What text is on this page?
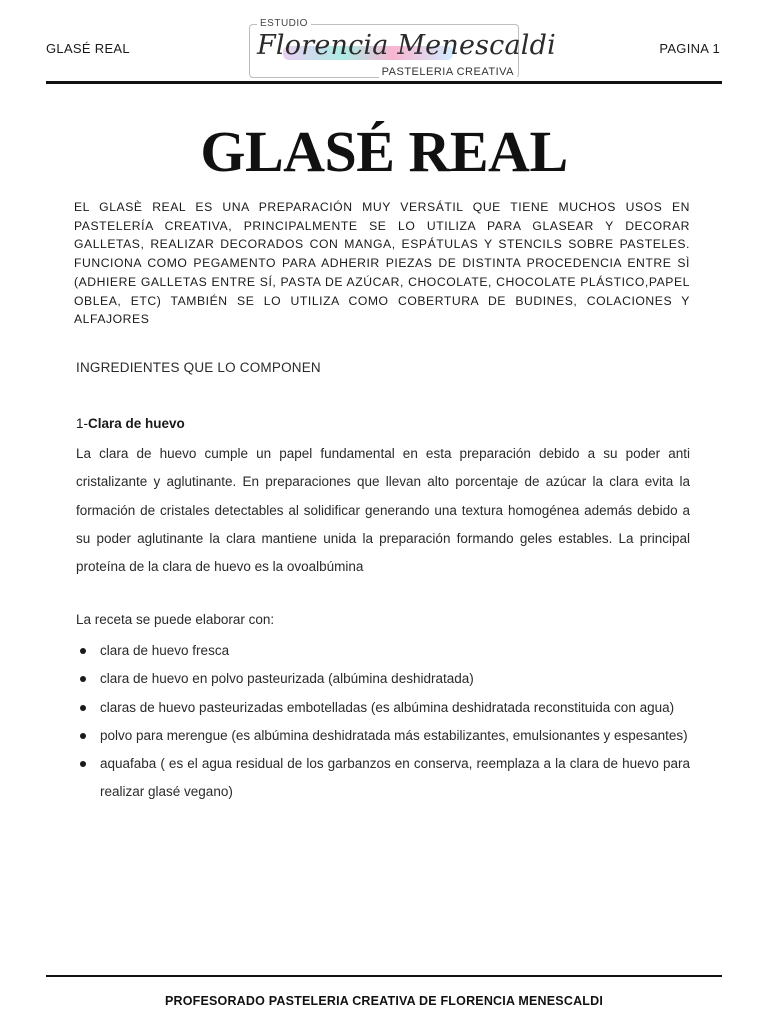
GLASÉ REAL
ESTUDIO
Florencia Menescaldi
PASTELERIA CREATIVA
PAGINA 1
GLASÉ REAL

EL GLASÈ REAL ES UNA PREPARACIÓN MUY VERSÁTIL QUE TIENE MUCHOS USOS EN PASTELERÍA CREATIVA, PRINCIPALMENTE SE LO UTILIZA PARA GLASEAR Y DECORAR GALLETAS, REALIZAR DECORADOS CON MANGA, ESPÁTULAS Y STENCILS SOBRE PASTELES. FUNCIONA COMO PEGAMENTO PARA ADHERIR PIEZAS DE DISTINTA PROCEDENCIA ENTRE SÌ (ADHIERE GALLETAS ENTRE SÍ, PASTA DE AZÚCAR, CHOCOLATE, CHOCOLATE PLÁSTICO,PAPEL OBLEA, ETC) TAMBIÉN SE LO UTILIZA COMO COBERTURA DE BUDINES, COLACIONES Y ALFAJORES

INGREDIENTES QUE LO COMPONEN
1-Clara de huevo

La clara de huevo cumple un papel fundamental en esta preparación debido a su poder anti cristalizante y aglutinante. En preparaciones que llevan alto porcentaje de azúcar la clara evita la formación de cristales detectables al solidificar generando una textura homogénea además debido a su poder aglutinante la clara mantiene unida la preparación formando geles estables. La principal proteína de la clara de huevo es la ovoalbúmina

La receta se puede elaborar con:
clara de huevo fresca
clara de huevo en polvo pasteurizada (albúmina deshidratada)
claras de huevo pasteurizadas embotelladas (es albúmina deshidratada reconstituida con agua)
polvo para merengue (es albúmina deshidratada más estabilizantes, emulsionantes y espesantes)
aquafaba ( es el agua residual de los garbanzos en conserva, reemplaza a la clara de huevo para realizar glasé vegano)
PROFESORADO PASTELERIA CREATIVA DE FLORENCIA MENESCALDI
